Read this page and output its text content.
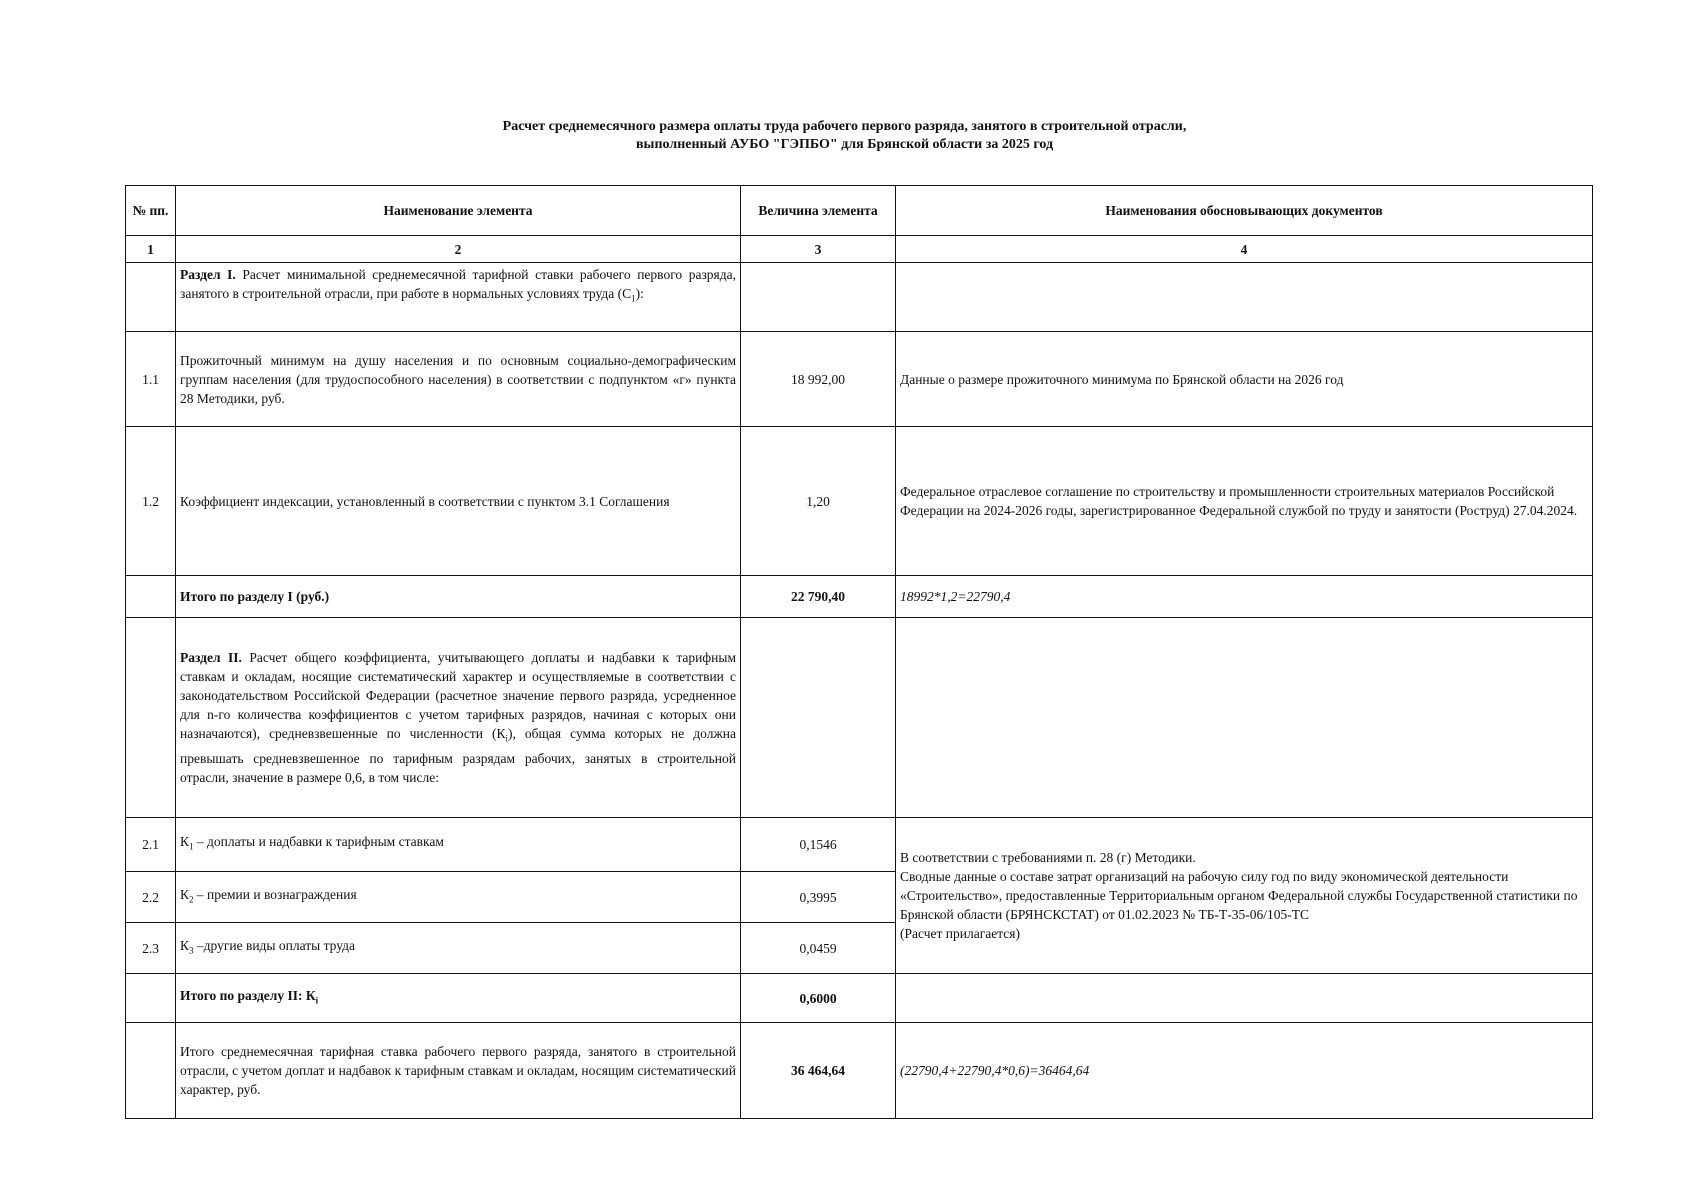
Расчет среднемесячного размера оплаты труда рабочего первого разряда, занятого в строительной отрасли,
выполненный АУБО "ГЭПБО" для Брянской области за 2025 год
№ пп.	Наименование элемента	Величина элемента	Наименования обосновывающих документов
1	2	3	4
	Раздел I. Расчет минимальной среднемесячной тарифной ставки рабочего первого разряда, занятого в строительной отрасли, при работе в нормальных условиях труда $(С_1)$:		
1.1	Прожиточный минимум на душу населения и по основным социально-демографическим группам населения (для трудоспособного населения) в соответствии с подпунктом «г» пункта 28 Методики, руб.	18 992,00	Данные о размере прожиточного минимума по Брянской области на 2026 год
1.2	Коэффициент индексации, установленный в соответствии с пунктом 3.1 Соглашения	1,20	Федеральное отраслевое соглашение по строительству и промышленности строительных материалов Российской Федерации на 2024-2026 годы, зарегистрированное Федеральной службой по труду и занятости (Роструд) 27.04.2024.
	Итого по разделу I (руб.)	22 790,40	18992*1,2=22790,4
	Раздел II. Расчет общего коэффициента, учитывающего доплаты и надбавки к тарифным ставкам и окладам, носящие систематический характер и осуществляемые в соответствии с законодательством Российской Федерации (расчетное значение первого разряда, усредненное для n-го количества коэффициентов с учетом тарифных разрядов, начиная с которых они назначаются), средневзвешенные по численности $(К_i)$, общая сумма которых не должна превышать средневзвешенное по тарифным разрядам рабочих, занятых в строительной отрасли, значение в размере 0,6, в том числе:		
2.1	$К_1$ – доплаты и надбавки к тарифным ставкам	0,1546	В соответствии с требованиями п. 28 (г) Методики.

Сводные данные о составе затрат организаций на рабочую силу год по виду экономической деятельности «Строительство», предоставленные Территориальным органом Федеральной службы Государственной статистики по Брянской области (БРЯНСКСТАТ) от 01.02.2023 № ТБ-Т-35-06/105-ТС

(Расчет прилагается)

2.2	$К_2$ – премии и вознаграждения	0,3995	
2.3	$К_3$ –другие виды оплаты труда	0,0459	
	Итого по разделу II: $К_i$	0,6000	
	Итого среднемесячная тарифная ставка рабочего первого разряда, занятого в строительной отрасли, с учетом доплат и надбавок к тарифным ставкам и окладам, носящим систематический характер, руб.	36 464,64	(22790,4+22790,4*0,6)=36464,64
